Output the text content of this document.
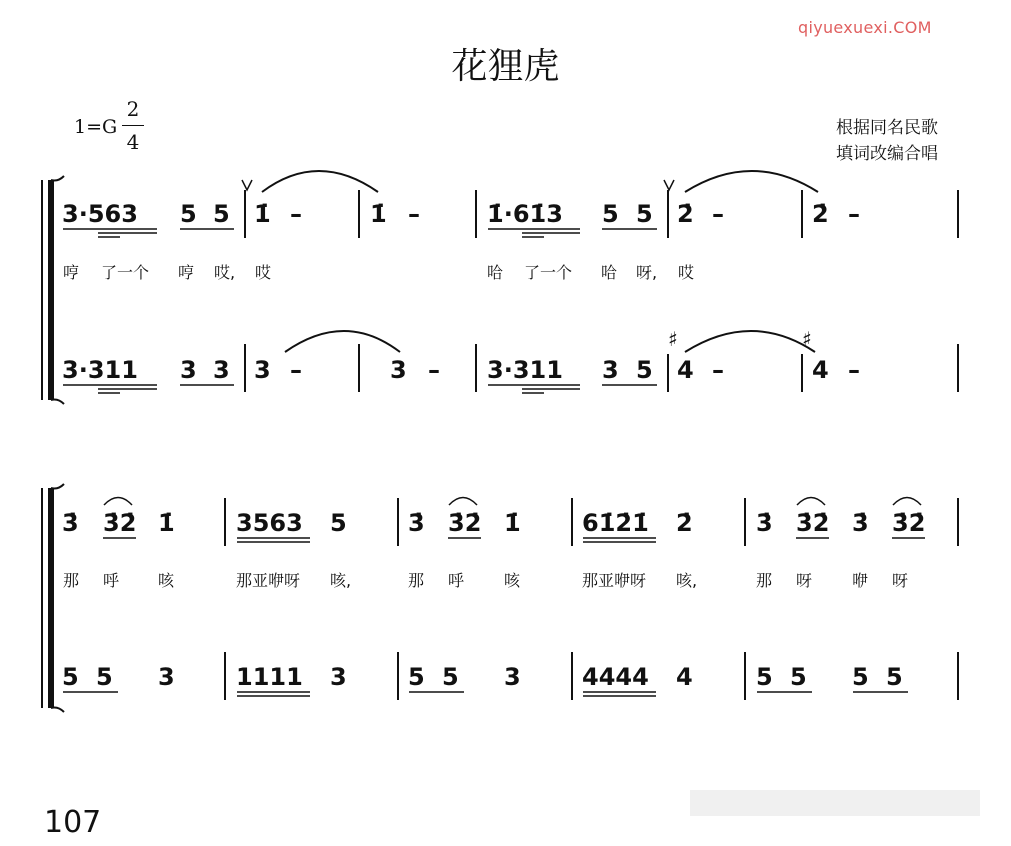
qiyuexuexi.COM
花狸虎
1=G
2
4
根据同名民歌
填词改编合唱
3·563 5 5 1̇ –	1̇ –	1̇·61̇3 5 5 2̇ –	2̇ –
哼 了一个 哼 哎, 哎	哈 了一个 哈 呀, 哎
3·311 3 3 3 –	3 – 3·311 3 5
♯
4 –
♯
4 –
3̇ 3̇2̇ 1̇	3563 5	3̇ 3̇2̇ 1̇	61̇2̇1̇ 2̇	3̇ 3̇2̇ 3̇ 3̇2̇
那 呼 咳	那亚咿呀 咳,	那 呼 咳	那亚咿呀 咳,	那 呀 咿 呀
5 5 3	1111 3	5 5 3	4444 4	5 5 5 5
107
